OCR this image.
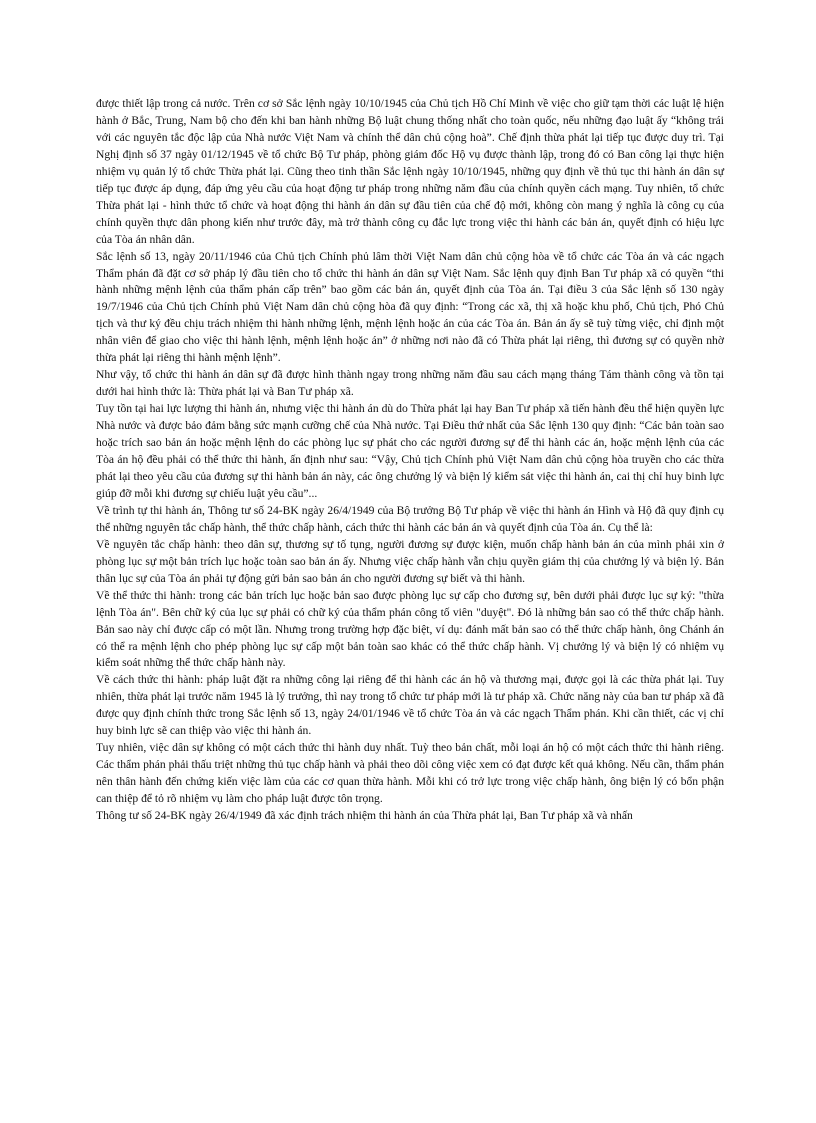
được thiết lập trong cả nước. Trên cơ sở Sắc lệnh ngày 10/10/1945 của Chủ tịch Hồ Chí Minh về việc cho giữ tạm thời các luật lệ hiện hành ở Bắc, Trung, Nam bộ cho đến khi ban hành những Bộ luật chung thống nhất cho toàn quốc, nếu những đạo luật ấy “không trái với các nguyên tắc độc lập của Nhà nước Việt Nam và chính thể dân chủ cộng hoà”. Chế định thừa phát lại tiếp tục được duy trì. Tại Nghị định số 37 ngày 01/12/1945 về tổ chức Bộ Tư pháp, phòng giám đốc Hộ vụ được thành lập, trong đó có Ban công lại thực hiện nhiệm vụ quản lý tổ chức Thừa phát lại. Cũng theo tinh thần Sắc lệnh ngày 10/10/1945, những quy định về thủ tục thi hành án dân sự tiếp tục được áp dụng, đáp ứng yêu cầu của hoạt động tư pháp trong những năm đầu của chính quyền cách mạng. Tuy nhiên, tổ chức Thừa phát lại - hình thức tổ chức và hoạt động thi hành án dân sự đầu tiên của chế độ mới, không còn mang ý nghĩa là công cụ của chính quyền thực dân phong kiến như trước đây, mà trở thành công cụ đắc lực trong việc thi hành các bản án, quyết định có hiệu lực của Tòa án nhân dân.

Sắc lệnh số 13, ngày 20/11/1946 của Chủ tịch Chính phủ lâm thời Việt Nam dân chủ cộng hòa về tổ chức các Tòa án và các ngạch Thẩm phán đã đặt cơ sở pháp lý đầu tiên cho tổ chức thi hành án dân sự Việt Nam. Sắc lệnh quy định Ban Tư pháp xã có quyền “thi hành những mệnh lệnh của thẩm phán cấp trên” bao gồm các bản án, quyết định của Tòa án. Tại điều 3 của Sắc lệnh số 130 ngày 19/7/1946 của Chủ tịch Chính phủ Việt Nam dân chủ cộng hòa đã quy định: “Trong các xã, thị xã hoặc khu phố, Chủ tịch, Phó Chủ tịch và thư ký đều chịu trách nhiệm thi hành những lệnh, mệnh lệnh hoặc án của các Tòa án. Bản án ấy sẽ tuỳ từng việc, chỉ định một nhân viên để giao cho việc thi hành lệnh, mệnh lệnh hoặc án” ở những nơi nào đã có Thừa phát lại riêng, thì đương sự có quyền nhờ thừa phát lại riêng thi hành mệnh lệnh”.

Như vậy, tổ chức thi hành án dân sự đã được hình thành ngay trong những năm đầu sau cách mạng tháng Tám thành công và tồn tại dưới hai hình thức là: Thừa phát lại và Ban Tư pháp xã.

Tuy tồn tại hai lực lượng thi hành án, nhưng việc thi hành án dù do Thừa phát lại hay Ban Tư pháp xã tiến hành đều thể hiện quyền lực Nhà nước và được bảo đảm bằng sức mạnh cưỡng chế của Nhà nước. Tại Điều thứ nhất của Sắc lệnh 130 quy định: “Các bản toàn sao hoặc trích sao bản án hoặc mệnh lệnh do các phòng lục sự phát cho các người đương sự để thi hành các án, hoặc mệnh lệnh của các Tòa án hộ đều phải có thể thức thi hành, ấn định như sau: “Vậy, Chủ tịch Chính phủ Việt Nam dân chủ cộng hòa truyền cho các thừa phát lại theo yêu cầu của đương sự thi hành bản án này, các ông chưởng lý và biện lý kiểm sát việc thi hành án, cai thị chỉ huy binh lực giúp đỡ mỗi khi đương sự chiếu luật yêu cầu”...

Về trình tự thi hành án, Thông tư số 24-BK ngày 26/4/1949 của Bộ trưởng Bộ Tư pháp về việc thi hành án Hình và Hộ đã quy định cụ thể những nguyên tắc chấp hành, thể thức chấp hành, cách thức thi hành các bản án và quyết định của Tòa án. Cụ thể là:

Về nguyên tắc chấp hành: theo dân sự, thương sự tố tụng, người đương sự được kiện, muốn chấp hành bản án của mình phải xin ở phòng lục sự một bản trích lục hoặc toàn sao bản án ấy. Nhưng việc chấp hành vẫn chịu quyền giám thị của chưởng lý và biện lý. Bản thân lục sự của Tòa án phải tự động gửi bản sao bản án cho người đương sự biết và thi hành.

Về thể thức thi hành: trong các bản trích lục hoặc bản sao được phòng lục sự cấp cho đương sự, bên dưới phải được lục sự ký: "thừa lệnh Tòa án". Bên chữ ký của lục sự phải có chữ ký của thẩm phán công tố viên "duyệt". Đó là những bản sao có thể thức chấp hành. Bản sao này chỉ được cấp có một lần. Nhưng trong trường hợp đặc biệt, ví dụ: đánh mất bản sao có thể thức chấp hành, ông Chánh án có thể ra mệnh lệnh cho phép phòng lục sự cấp một bản toàn sao khác có thể thức chấp hành. Vị chưởng lý và biện lý có nhiệm vụ kiểm soát những thể thức chấp hành này.

Về cách thức thi hành: pháp luật đặt ra những công lại riêng để thi hành các án hộ và thương mại, được gọi là các thừa phát lại. Tuy nhiên, thừa phát lại trước năm 1945 là lý trưởng, thì nay trong tổ chức tư pháp mới là tư pháp xã. Chức năng này của ban tư pháp xã đã được quy định chính thức trong Sắc lệnh số 13, ngày 24/01/1946 về tổ chức Tòa án và các ngạch Thẩm phán. Khi cần thiết, các vị chỉ huy binh lực sẽ can thiệp vào việc thi hành án.

Tuy nhiên, việc dân sự không có một cách thức thi hành duy nhất. Tuỳ theo bản chất, mỗi loại án hộ có một cách thức thi hành riêng. Các thẩm phán phải thấu triệt những thủ tục chấp hành và phải theo dõi công việc xem có đạt được kết quả không. Nếu cần, thẩm phán nên thân hành đến chứng kiến việc làm của các cơ quan thừa hành. Mỗi khi có trở lực trong việc chấp hành, ông biện lý có bổn phận can thiệp để tỏ rõ nhiệm vụ làm cho pháp luật được tôn trọng.

Thông tư số 24-BK ngày 26/4/1949 đã xác định trách nhiệm thi hành án của Thừa phát lại, Ban Tư pháp xã và nhấn
